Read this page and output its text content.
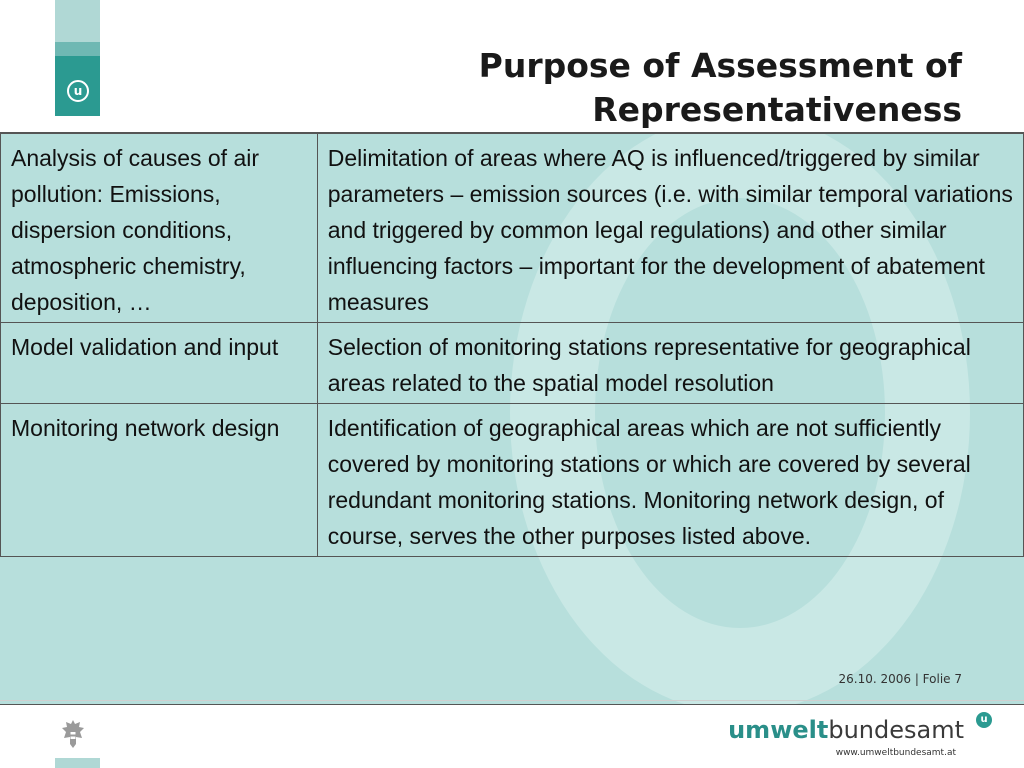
u
Purpose of Assessment of
Representativeness
Analysis of causes of air pollution: Emissions, dispersion conditions, atmospheric chemistry, deposition, …	Delimitation of areas where AQ is influenced/triggered by similar parameters – emission sources (i.e. with similar temporal variations and triggered by common legal regulations) and other similar influencing factors – important for the development of abatement measures
Model validation and input	Selection of monitoring stations representative for geographical areas related to the spatial model resolution
Monitoring network design	Identification of geographical areas which are not sufficiently covered by monitoring stations or which are covered by several redundant monitoring stations. Monitoring network design, of course, serves the other purposes listed above.
26.10. 2006 | Folie 7
umweltbundesamt	u
www.umweltbundesamt.at
